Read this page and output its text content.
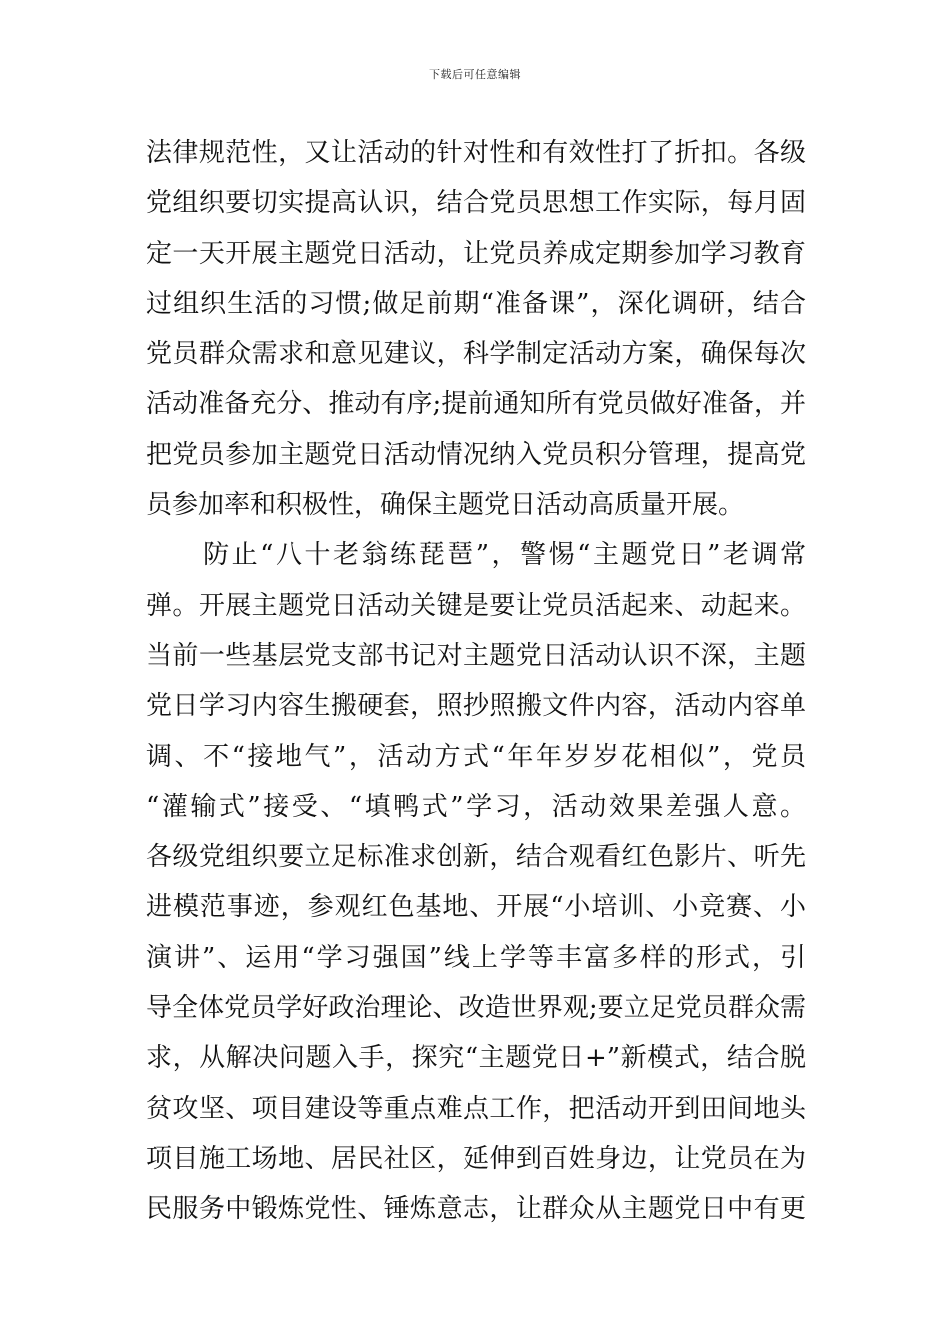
下载后可任意编辑
法律规范性，又让活动的针对性和有效性打了折扣。各级
党组织要切实提高认识，结合党员思想工作实际，每月固
定一天开展主题党日活动，让党员养成定期参加学习教育
过组织生活的习惯;做足前期“准备课”，深化调研，结合
党员群众需求和意见建议，科学制定活动方案，确保每次
活动准备充分、推动有序;提前通知所有党员做好准备，并
把党员参加主题党日活动情况纳入党员积分管理，提高党
员参加率和积极性，确保主题党日活动高质量开展。
　　防止“八十老翁练琵琶”，警惕“主题党日”老调常
弹。开展主题党日活动关键是要让党员活起来、动起来。
当前一些基层党支部书记对主题党日活动认识不深，主题
党日学习内容生搬硬套，照抄照搬文件内容，活动内容单
调、不“接地气”，活动方式“年年岁岁花相似”，党员
“灌输式”接受、“填鸭式”学习，活动效果差强人意。
各级党组织要立足标准求创新，结合观看红色影片、听先
进模范事迹，参观红色基地、开展“小培训、小竞赛、小
演讲”、运用“学习强国”线上学等丰富多样的形式，引
导全体党员学好政治理论、改造世界观;要立足党员群众需
求，从解决问题入手，探究“主题党日+”新模式，结合脱
贫攻坚、项目建设等重点难点工作，把活动开到田间地头
项目施工场地、居民社区，延伸到百姓身边，让党员在为
民服务中锻炼党性、锤炼意志，让群众从主题党日中有更
